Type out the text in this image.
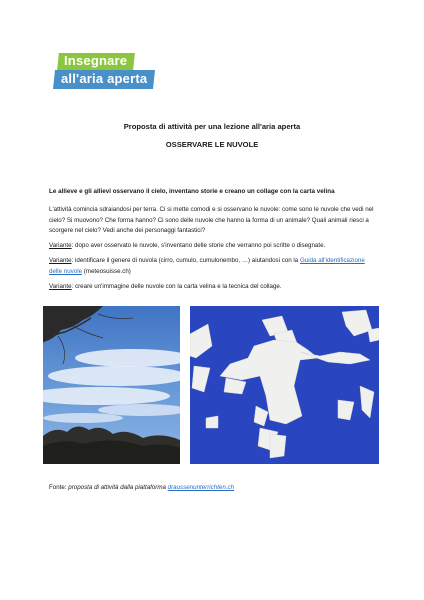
Insegnare
all'aria aperta
Proposta di attività per una lezione all'aria aperta
OSSERVARE LE NUVOLE
Le allieve e gli allievi osservano il cielo, inventano storie e creano un collage con la carta velina

L'attività comincia sdraiandosi per terra. Ci si mette comodi e si osservano le nuvole: come sono le nuvole che vedi nel cielo? Si muovono? Che forma hanno? Ci sono delle nuvole che hanno la forma di un animale? Quali animali riesci a scorgere nel cielo? Vedi anche dei personaggi fantastici?

Variante: dopo aver osservato le nuvole, s'inventano delle storie che verranno poi scritte o disegnate.

Variante: identificare il genere di nuvola (cirro, cumulo, cumulonembo, …) aiutandosi con la Guida all'identificazione delle nuvole (meteosuisse.ch)

Variante: creare un'immagine delle nuvole con la carta velina e la tecnica del collage.

Fonte: proposta di attività dalla piattaforma draussenunterrichten.ch
